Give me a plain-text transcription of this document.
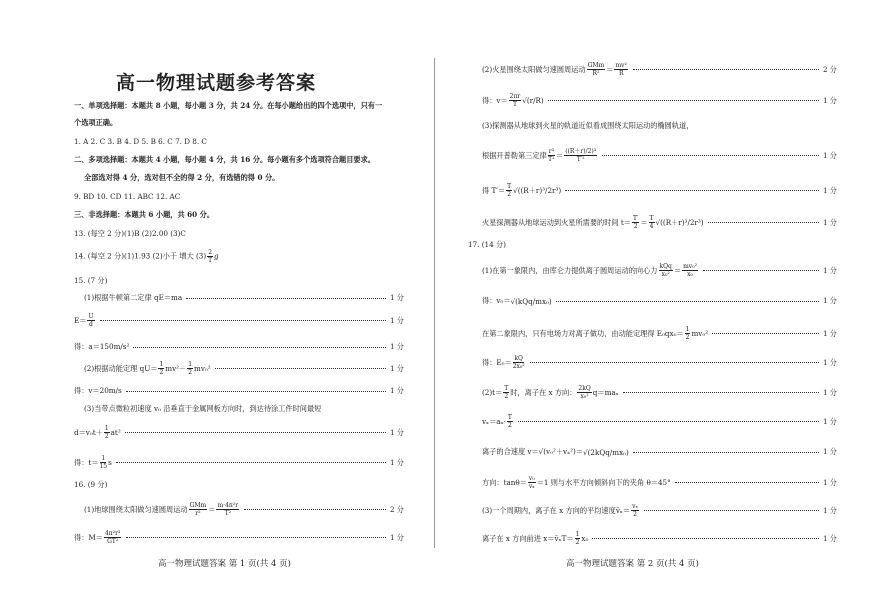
高一物理试题参考答案
一、单项选择题：本题共 8 小题，每小题 3 分，共 24 分。在每小题给出的四个选项中，只有一
个选项正确。
1. A 2. C 3. B 4. D 5. B 6. C 7. D 8. C
二、多项选择题：本题共 4 小题，每小题 4 分，共 16 分。每小题有多个选项符合题目要求。
全部选对得 4 分，选对但不全的得 2 分，有选错的得 0 分。
9. BD 10. CD 11. ABC 12. AC
三、非选择题：本题共 6 小题，共 60 分。
13. (每空 2 分)(1)B (2)2.00 (3)C
14. (每空 2 分)(1)1.93 (2)小于 增大 $(3) \frac{2}{T}$ g
15. (7 分)
(1)根据牛顿第二定律 qE＝ma	1 分
$E= \frac{U}{d}$	1 分
得：a＝150m/s²	1 分
(2)根据动能定理 $qU= \frac{1}{2} mv^2- \frac{1}{2} mv_0^2$	1 分
得：v＝20m/s	1 分
(3)当带点微粒初速度 v₀ 沿垂直于金属网板方向时，到达待涂工件时间最短
$d=v_0t+ \frac{1}{2} at^2$	1 分
得：$t= \frac{1}{15}$ s	1 分
16. (9 分)
(1)地球围绕太阳做匀速圆周运动 $\frac{\text{GMm}}{\text{r²}} = \frac{\text{m·4π²r}}{\text{T²}}$	2 分
得：$M= \frac{\text{4π²r³}}{\text{GT²}}$	1 分
高一物理试题答案 第 1 页(共 4 页)
(2)火星围绕太阳做匀速圆周运动 $\frac{\text{GMm}}{\text{R²}} = \frac{\text{mv²}}{R}$	2 分
得：$v= \frac{2\pi r}{T} √(r/R)$	1 分
(3)探测器从地球到火星的轨道近似看成围绕太阳运动的椭圆轨道，
根据开普勒第三定律 $\frac{\text{r³}}{\text{T²}} = \frac{\text{((R＋r)/2)³}}{\text{T′²}}$	1 分
得 $T'= \frac{T}{2} √((R+r)^3/2r^3)$	1 分
火星探测器从地球运动到火星所需要的时间 $t= \frac{T'}{2} = \frac{T}{4} √((R+r)^3/2r^3)$	1 分
17. (14 分)
(1)在第一象限内，由库仑力提供离子圆周运动的向心力 $\frac{\text{kQq}}{\text{x₀²}} = \frac{\text{mv₀²}}{\text{x₀}}$	1 分
得：v₀＝ √(kQq/mx₀)	1 分
在第二象限内，只有电场力对离子做功，由动能定理得 $E_0qx_0= \frac{1}{2} mv_0^2$	1 分
得：$E_0= \frac{kQ}{\text{2x₀²}}$	1 分
$(2)t= \frac{T}{2}$ 时，离子在 x 方向： $\frac{2kQ}{\text{x₀²}} q=ma_x$	1 分
$v_x=a_x\cdot \frac{T}{2}$	1 分
离子的合速度 v＝√(v₀²＋vₓ²)＝ √(2kQq/mx₀)	1 分
方向：$\tan\theta= \frac{\text{v₀}}{\text{vₓ}} =1$ 则与水平方向倾斜向下的夹角 θ＝45°	1 分
(3)一个周期内，离子在 x 方向的平均速度 v̄ₓ＝ $\frac{\text{vₓ}}{2}$	1 分
离子在 x 方向前进 x＝v̄ₓT＝ $\frac{1}{2} x_0$	1 分
高一物理试题答案 第 2 页(共 4 页)
